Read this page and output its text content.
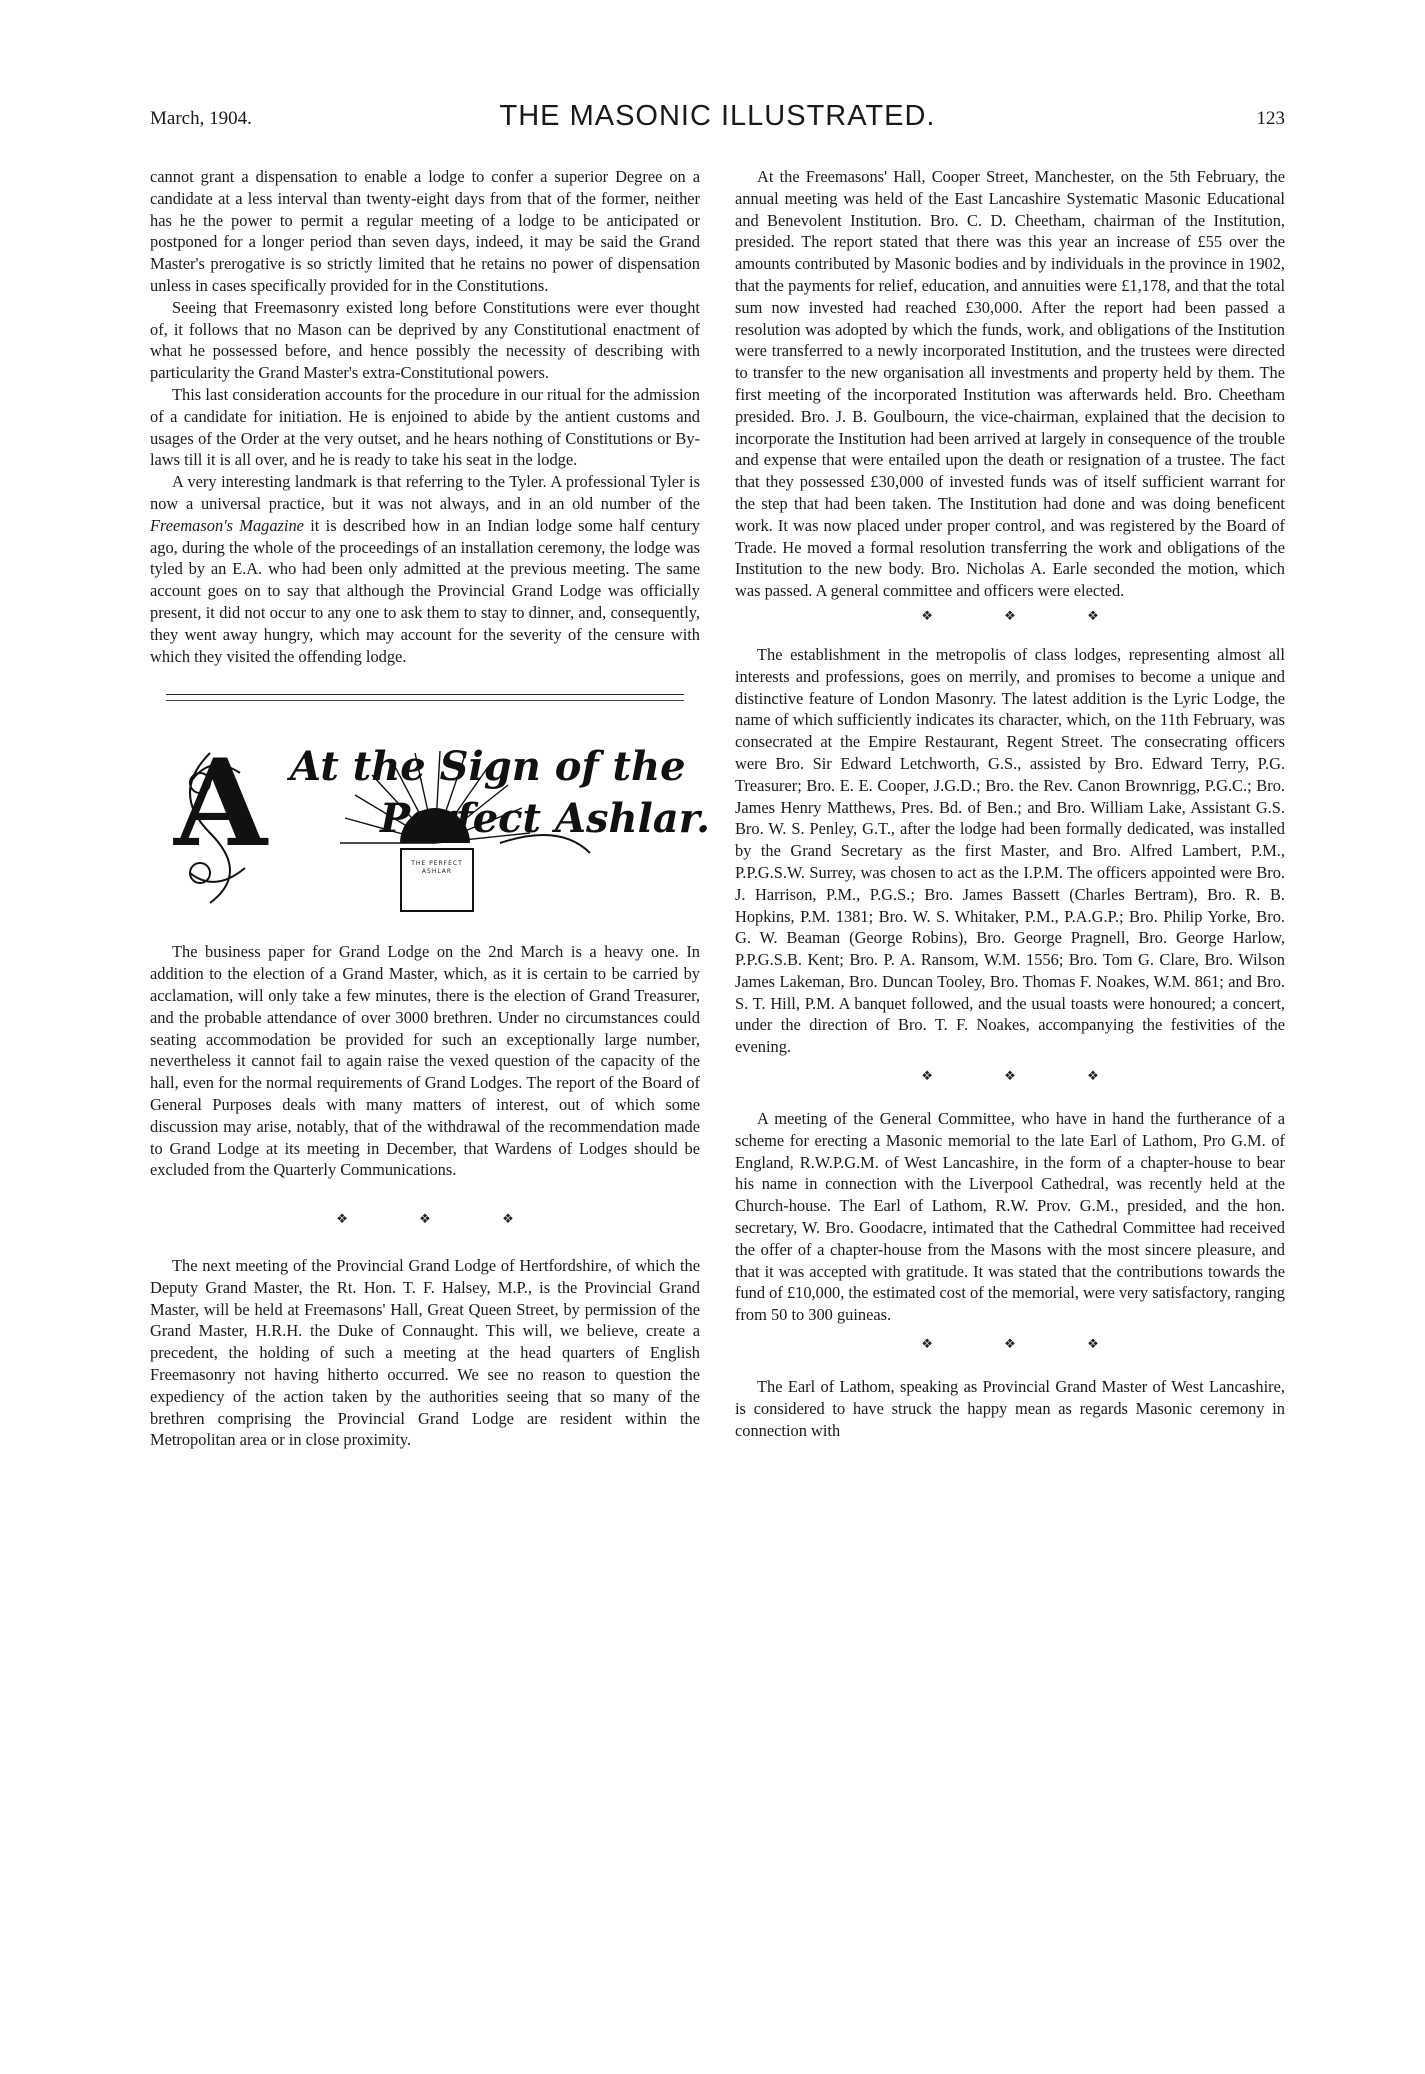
March, 1904.	THE MASONIC ILLUSTRATED.	123

cannot grant a dispensation to enable a lodge to confer a superior Degree on a candidate at a less interval than twenty-eight days from that of the former, neither has he the power to permit a regular meeting of a lodge to be anticipated or postponed for a longer period than seven days, indeed, it may be said the Grand Master's prerogative is so strictly limited that he retains no power of dispensation unless in cases specifically provided for in the Constitutions.

Seeing that Freemasonry existed long before Constitutions were ever thought of, it follows that no Mason can be deprived by any Constitutional enactment of what he possessed before, and hence possibly the necessity of describing with particularity the Grand Master's extra-Constitutional powers.

This last consideration accounts for the procedure in our ritual for the admission of a candidate for initiation. He is enjoined to abide by the antient customs and usages of the Order at the very outset, and he hears nothing of Constitutions or By-laws till it is all over, and he is ready to take his seat in the lodge.

A very interesting landmark is that referring to the Tyler. A professional Tyler is now a universal practice, but it was not always, and in an old number of the Freemason's Magazine it is described how in an Indian lodge some half century ago, during the whole of the proceedings of an installation ceremony, the lodge was tyled by an E.A. who had been only admitted at the previous meeting. The same account goes on to say that although the Provincial Grand Lodge was officially present, it did not occur to any one to ask them to stay to dinner, and, consequently, they went away hungry, which may account for the severity of the censure with which they visited the offending lodge.

A At the Sign of the
Perfect Ashlar.
THE PERFECT ASHLAR

The business paper for Grand Lodge on the 2nd March is a heavy one. In addition to the election of a Grand Master, which, as it is certain to be carried by acclamation, will only take a few minutes, there is the election of Grand Treasurer, and the probable attendance of over 3000 brethren. Under no circumstances could seating accommodation be provided for such an exceptionally large number, nevertheless it cannot fail to again raise the vexed question of the capacity of the hall, even for the normal requirements of Grand Lodges. The report of the Board of General Purposes deals with many matters of interest, out of which some discussion may arise, notably, that of the withdrawal of the recommendation made to Grand Lodge at its meeting in December, that Wardens of Lodges should be excluded from the Quarterly Communications.

❖ ❖ ❖

The next meeting of the Provincial Grand Lodge of Hertfordshire, of which the Deputy Grand Master, the Rt. Hon. T. F. Halsey, M.P., is the Provincial Grand Master, will be held at Freemasons' Hall, Great Queen Street, by permission of the Grand Master, H.R.H. the Duke of Connaught. This will, we believe, create a precedent, the holding of such a meeting at the head quarters of English Freemasonry not having hitherto occurred. We see no reason to question the expediency of the action taken by the authorities seeing that so many of the brethren comprising the Provincial Grand Lodge are resident within the Metropolitan area or in close proximity.

At the Freemasons' Hall, Cooper Street, Manchester, on the 5th February, the annual meeting was held of the East Lancashire Systematic Masonic Educational and Benevolent Institution. Bro. C. D. Cheetham, chairman of the Institution, presided. The report stated that there was this year an increase of £55 over the amounts contributed by Masonic bodies and by individuals in the province in 1902, that the payments for relief, education, and annuities were £1,178, and that the total sum now invested had reached £30,000. After the report had been passed a resolution was adopted by which the funds, work, and obligations of the Institution were transferred to a newly incorporated Institution, and the trustees were directed to transfer to the new organisation all investments and property held by them. The first meeting of the incorporated Institution was afterwards held. Bro. Cheetham presided. Bro. J. B. Goulbourn, the vice-chairman, explained that the decision to incorporate the Institution had been arrived at largely in consequence of the trouble and expense that were entailed upon the death or resignation of a trustee. The fact that they possessed £30,000 of invested funds was of itself sufficient warrant for the step that had been taken. The Institution had done and was doing beneficent work. It was now placed under proper control, and was registered by the Board of Trade. He moved a formal resolution transferring the work and obligations of the Institution to the new body. Bro. Nicholas A. Earle seconded the motion, which was passed. A general committee and officers were elected.

❖ ❖ ❖

The establishment in the metropolis of class lodges, representing almost all interests and professions, goes on merrily, and promises to become a unique and distinctive feature of London Masonry. The latest addition is the Lyric Lodge, the name of which sufficiently indicates its character, which, on the 11th February, was consecrated at the Empire Restaurant, Regent Street. The consecrating officers were Bro. Sir Edward Letchworth, G.S., assisted by Bro. Edward Terry, P.G. Treasurer; Bro. E. E. Cooper, J.G.D.; Bro. the Rev. Canon Brownrigg, P.G.C.; Bro. James Henry Matthews, Pres. Bd. of Ben.; and Bro. William Lake, Assistant G.S. Bro. W. S. Penley, G.T., after the lodge had been formally dedicated, was installed by the Grand Secretary as the first Master, and Bro. Alfred Lambert, P.M., P.P.G.S.W. Surrey, was chosen to act as the I.P.M. The officers appointed were Bro. J. Harrison, P.M., P.G.S.; Bro. James Bassett (Charles Bertram), Bro. R. B. Hopkins, P.M. 1381; Bro. W. S. Whitaker, P.M., P.A.G.P.; Bro. Philip Yorke, Bro. G. W. Beaman (George Robins), Bro. George Pragnell, Bro. George Harlow, P.P.G.S.B. Kent; Bro. P. A. Ransom, W.M. 1556; Bro. Tom G. Clare, Bro. Wilson James Lakeman, Bro. Duncan Tooley, Bro. Thomas F. Noakes, W.M. 861; and Bro. S. T. Hill, P.M. A banquet followed, and the usual toasts were honoured; a concert, under the direction of Bro. T. F. Noakes, accompanying the festivities of the evening.

❖ ❖ ❖

A meeting of the General Committee, who have in hand the furtherance of a scheme for erecting a Masonic memorial to the late Earl of Lathom, Pro G.M. of England, R.W.P.G.M. of West Lancashire, in the form of a chapter-house to bear his name in connection with the Liverpool Cathedral, was recently held at the Church-house. The Earl of Lathom, R.W. Prov. G.M., presided, and the hon. secretary, W. Bro. Goodacre, intimated that the Cathedral Committee had received the offer of a chapter-house from the Masons with the most sincere pleasure, and that it was accepted with gratitude. It was stated that the contributions towards the fund of £10,000, the estimated cost of the memorial, were very satisfactory, ranging from 50 to 300 guineas.

❖ ❖ ❖

The Earl of Lathom, speaking as Provincial Grand Master of West Lancashire, is considered to have struck the happy mean as regards Masonic ceremony in connection with
